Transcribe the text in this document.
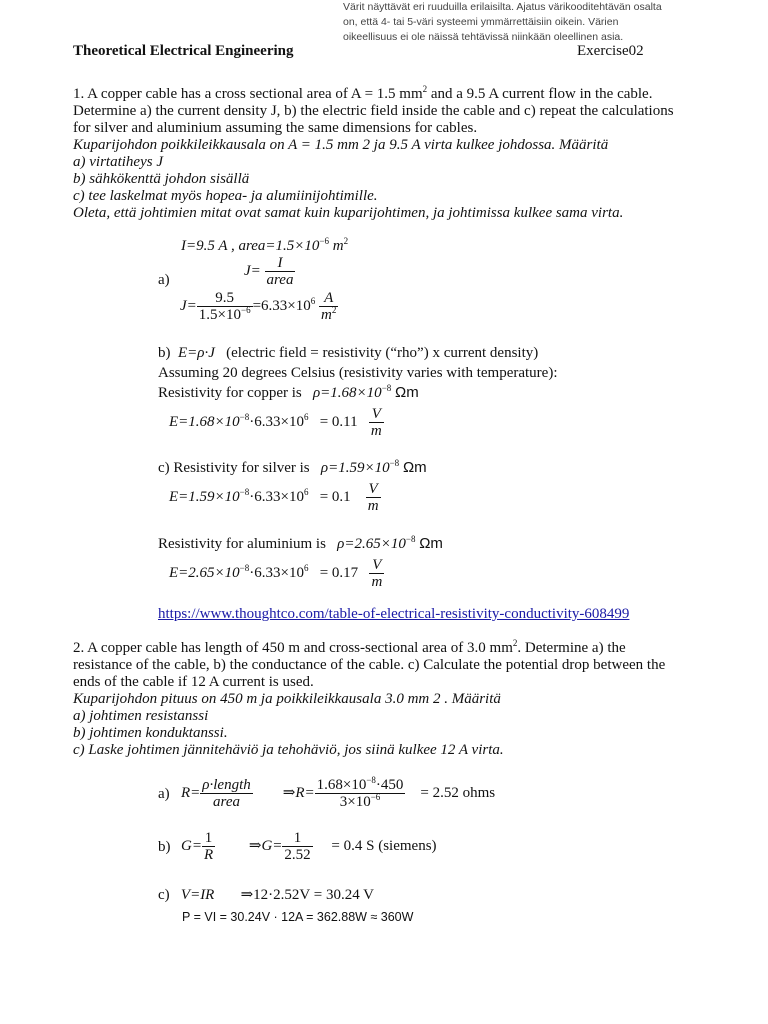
Värit näyttävät eri ruuduilla erilaisilta. Ajatus värikooditehtävän osalta
on, että 4- tai 5-väri systeemi ymmärrettäisiin oikein. Värien
oikeellisuus ei ole näissä tehtävissä niinkään oleellinen asia.
Theoretical Electrical Engineering	Exercise02

1. A copper cable has a cross sectional area of A = 1.5 $mm^2$ and a 9.5 A current flow in the cable.

Determine a) the current density J, b) the electric field inside the cable and c) repeat the calculations

for silver and aluminium assuming the same dimensions for cables.

Kuparijohdon poikkileikkausala on A = 1.5 mm 2 ja 9.5 A virta kulkee johdossa. Määritä

a) virtatiheys J

b) sähkökenttä johdon sisällä

c) tee laskelmat myös hopea- ja alumiinijohtimille.

Oleta, että johtimien mitat ovat samat kuin kuparijohtimen, ja johtimissa kulkee sama virta.

I=9.5 A , $area=1.5\times 10^{-6}$ $m^2$
a)
J=	I
area
$J= \frac{9.5}{1.5\times 10^{-6}} =6.33\times 10^6 \frac{A}{m^2}$
b) E=ρ·J (electric field = resistivity (“rho”) x current density)
Assuming 20 degrees Celsius (resistivity varies with temperature):
Resistivity for copper is $\rho=1.68\times 10^{-8}$ Ωm
$E=1.68\times 10^{-8}\cdot 6.33\times 10^6 = 0.11 \frac{V}{m}$
c) Resistivity for silver is $\rho=1.59\times 10^{-8}$ Ωm
$E=1.59\times 10^{-8}\cdot 6.33\times 10^6 = 0.1 \frac{V}{m}$
Resistivity for aluminium is $\rho=2.65\times 10^{-8}$ Ωm
$E=2.65\times 10^{-8}\cdot 6.33\times 10^6 = 0.17 \frac{V}{m}$
https://www.thoughtco.com/table-of-electrical-resistivity-conductivity-608499

2. A copper cable has length of 450 m and cross-sectional area of 3.0 $mm^2$. Determine a) the

resistance of the cable, b) the conductance of the cable. c) Calculate the potential drop between the

ends of the cable if 12 A current is used.

Kuparijohdon pituus on 450 m ja poikkileikkausala 3.0 mm 2 . Määritä

a) johtimen resistanssi

b) johtimen konduktanssi.

c) Laske johtimen jännitehäviö ja tehohäviö, jos siinä kulkee 12 A virta.

a) R= ρ·length
area
⇒R= $\frac{1.68\times 10^{-8}\cdot 450}{3\times 10^{-6}} = 2.52$ ohms
b) $G= \frac{1}{R}$ ⇒G= $\frac{1}{2.52} = 0.4$ S (siemens)
c) V=IR ⇒12·2.52V = 30.24 V
P = VI = 30.24V · 12A = 362.88W ≈ 360W
